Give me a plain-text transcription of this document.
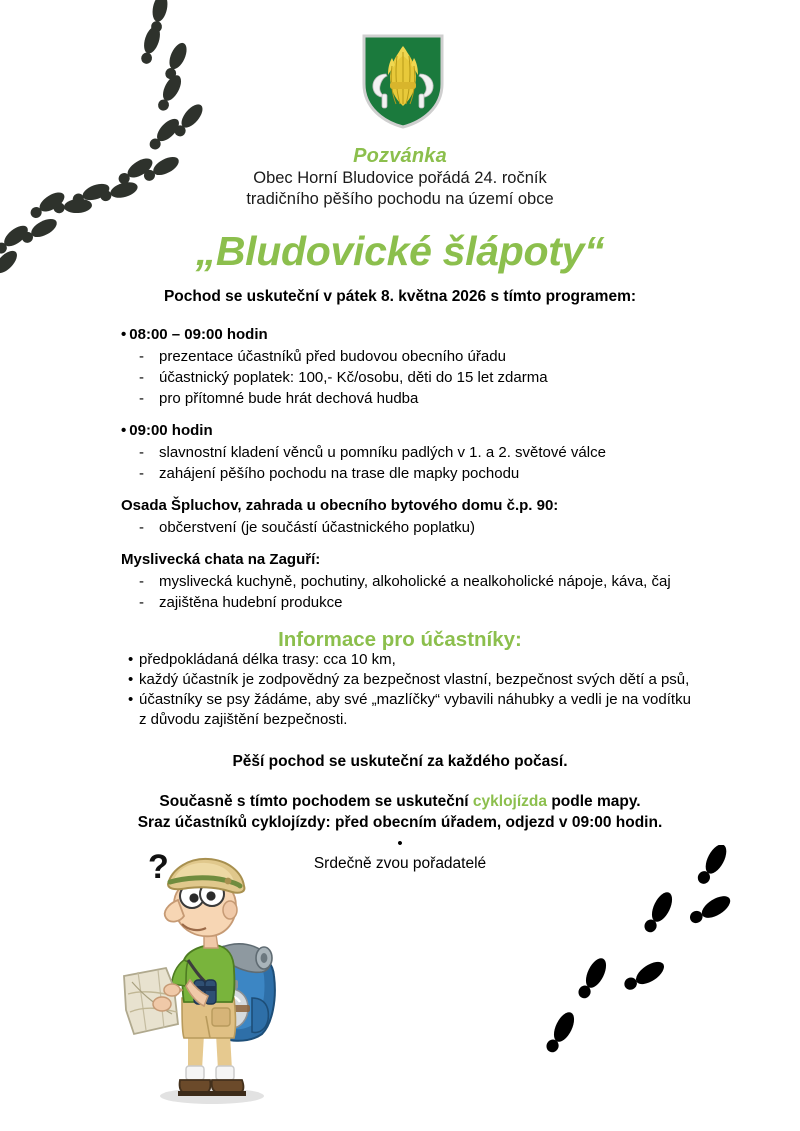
Pozvánka
Obec Horní Bludovice pořádá 24. ročník
tradičního pěšího pochodu na území obce
„Bludovické šlápoty“
Pochod se uskuteční v pátek 8. května 2026 s tímto programem:
• 08:00 – 09:00 hodin
-	prezentace účastníků před budovou obecního úřadu
-	účastnický poplatek: 100,- Kč/osobu, děti do 15 let zdarma
-	pro přítomné bude hrát dechová hudba
• 09:00 hodin
-	slavnostní kladení věnců u pomníku padlých v 1. a 2. světové válce
-	zahájení pěšího pochodu na trase dle mapky pochodu
Osada Špluchov, zahrada u obecního bytového domu č.p. 90:
-	občerstvení (je součástí účastnického poplatku)
Myslivecká chata na Zaguří:
-	myslivecká kuchyně, pochutiny, alkoholické a nealkoholické nápoje, káva, čaj
-	zajištěna hudební produkce
Informace pro účastníky:
• předpokládaná délka trasy: cca 10 km,
• každý účastník je zodpovědný za bezpečnost vlastní, bezpečnost svých dětí a psů,
• účastníky se psy žádáme, aby své „mazlíčky“ vybavili náhubky a vedli je na vodítku
z důvodu zajištění bezpečnosti.
Pěší pochod se uskuteční za každého počasí.
Současně s tímto pochodem se uskuteční cyklojízda podle mapy.
Sraz účastníků cyklojízdy: před obecním úřadem, odjezd v 09:00 hodin.
•
Srdečně zvou pořadatelé
?
